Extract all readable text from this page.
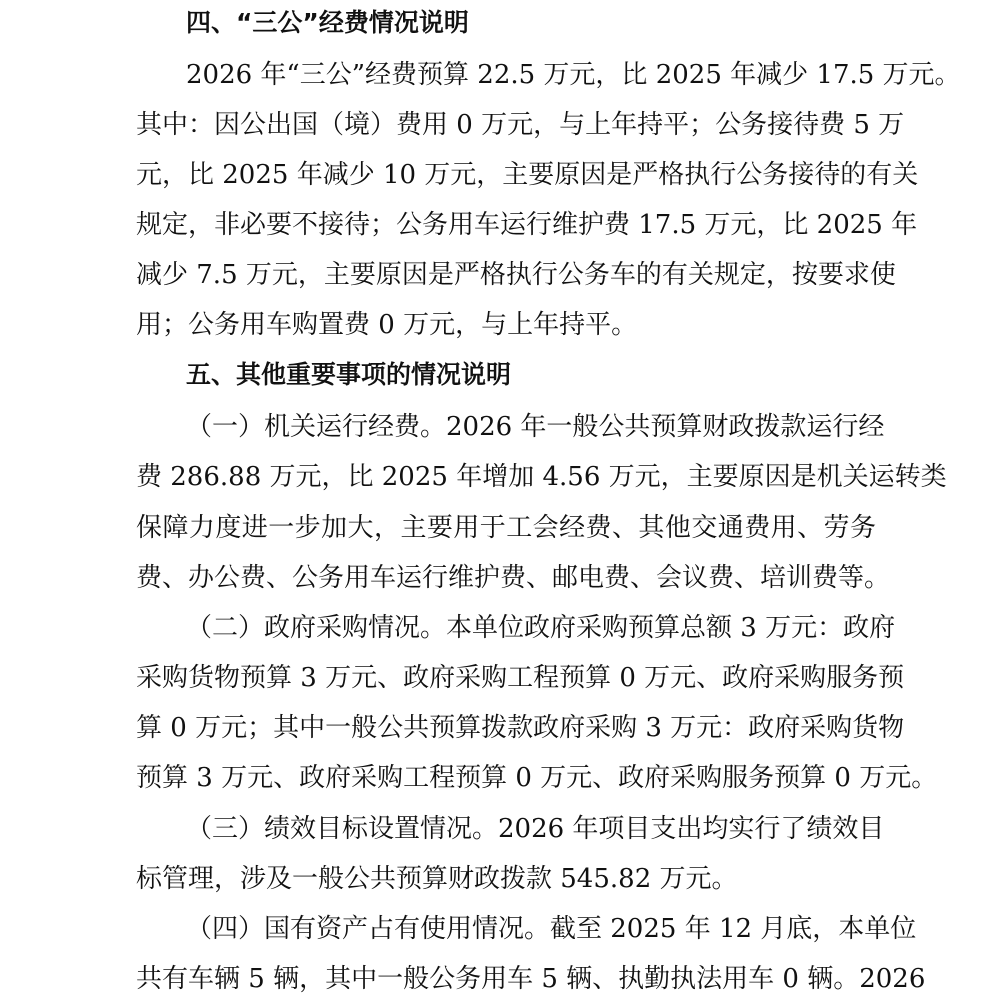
四、“三公”经费情况说明
2026 年“三公”经费预算 22.5 万元，比 2025 年减少 17.5 万元。
其中：因公出国（境）费用 0 万元，与上年持平；公务接待费 5 万
元，比 2025 年减少 10 万元，主要原因是严格执行公务接待的有关
规定，非必要不接待；公务用车运行维护费 17.5 万元，比 2025 年
减少 7.5 万元，主要原因是严格执行公务车的有关规定，按要求使
用；公务用车购置费 0 万元，与上年持平。
五、其他重要事项的情况说明
（一）机关运行经费。2026 年一般公共预算财政拨款运行经
费 286.88 万元，比 2025 年增加 4.56 万元，主要原因是机关运转类
保障力度进一步加大，主要用于工会经费、其他交通费用、劳务
费、办公费、公务用车运行维护费、邮电费、会议费、培训费等。
（二）政府采购情况。本单位政府采购预算总额 3 万元：政府
采购货物预算 3 万元、政府采购工程预算 0 万元、政府采购服务预
算 0 万元；其中一般公共预算拨款政府采购 3 万元：政府采购货物
预算 3 万元、政府采购工程预算 0 万元、政府采购服务预算 0 万元。
（三）绩效目标设置情况。2026 年项目支出均实行了绩效目
标管理，涉及一般公共预算财政拨款 545.82 万元。
（四）国有资产占有使用情况。截至 2025 年 12 月底，本单位
共有车辆 5 辆，其中一般公务用车 5 辆、执勤执法用车 0 辆。2026
